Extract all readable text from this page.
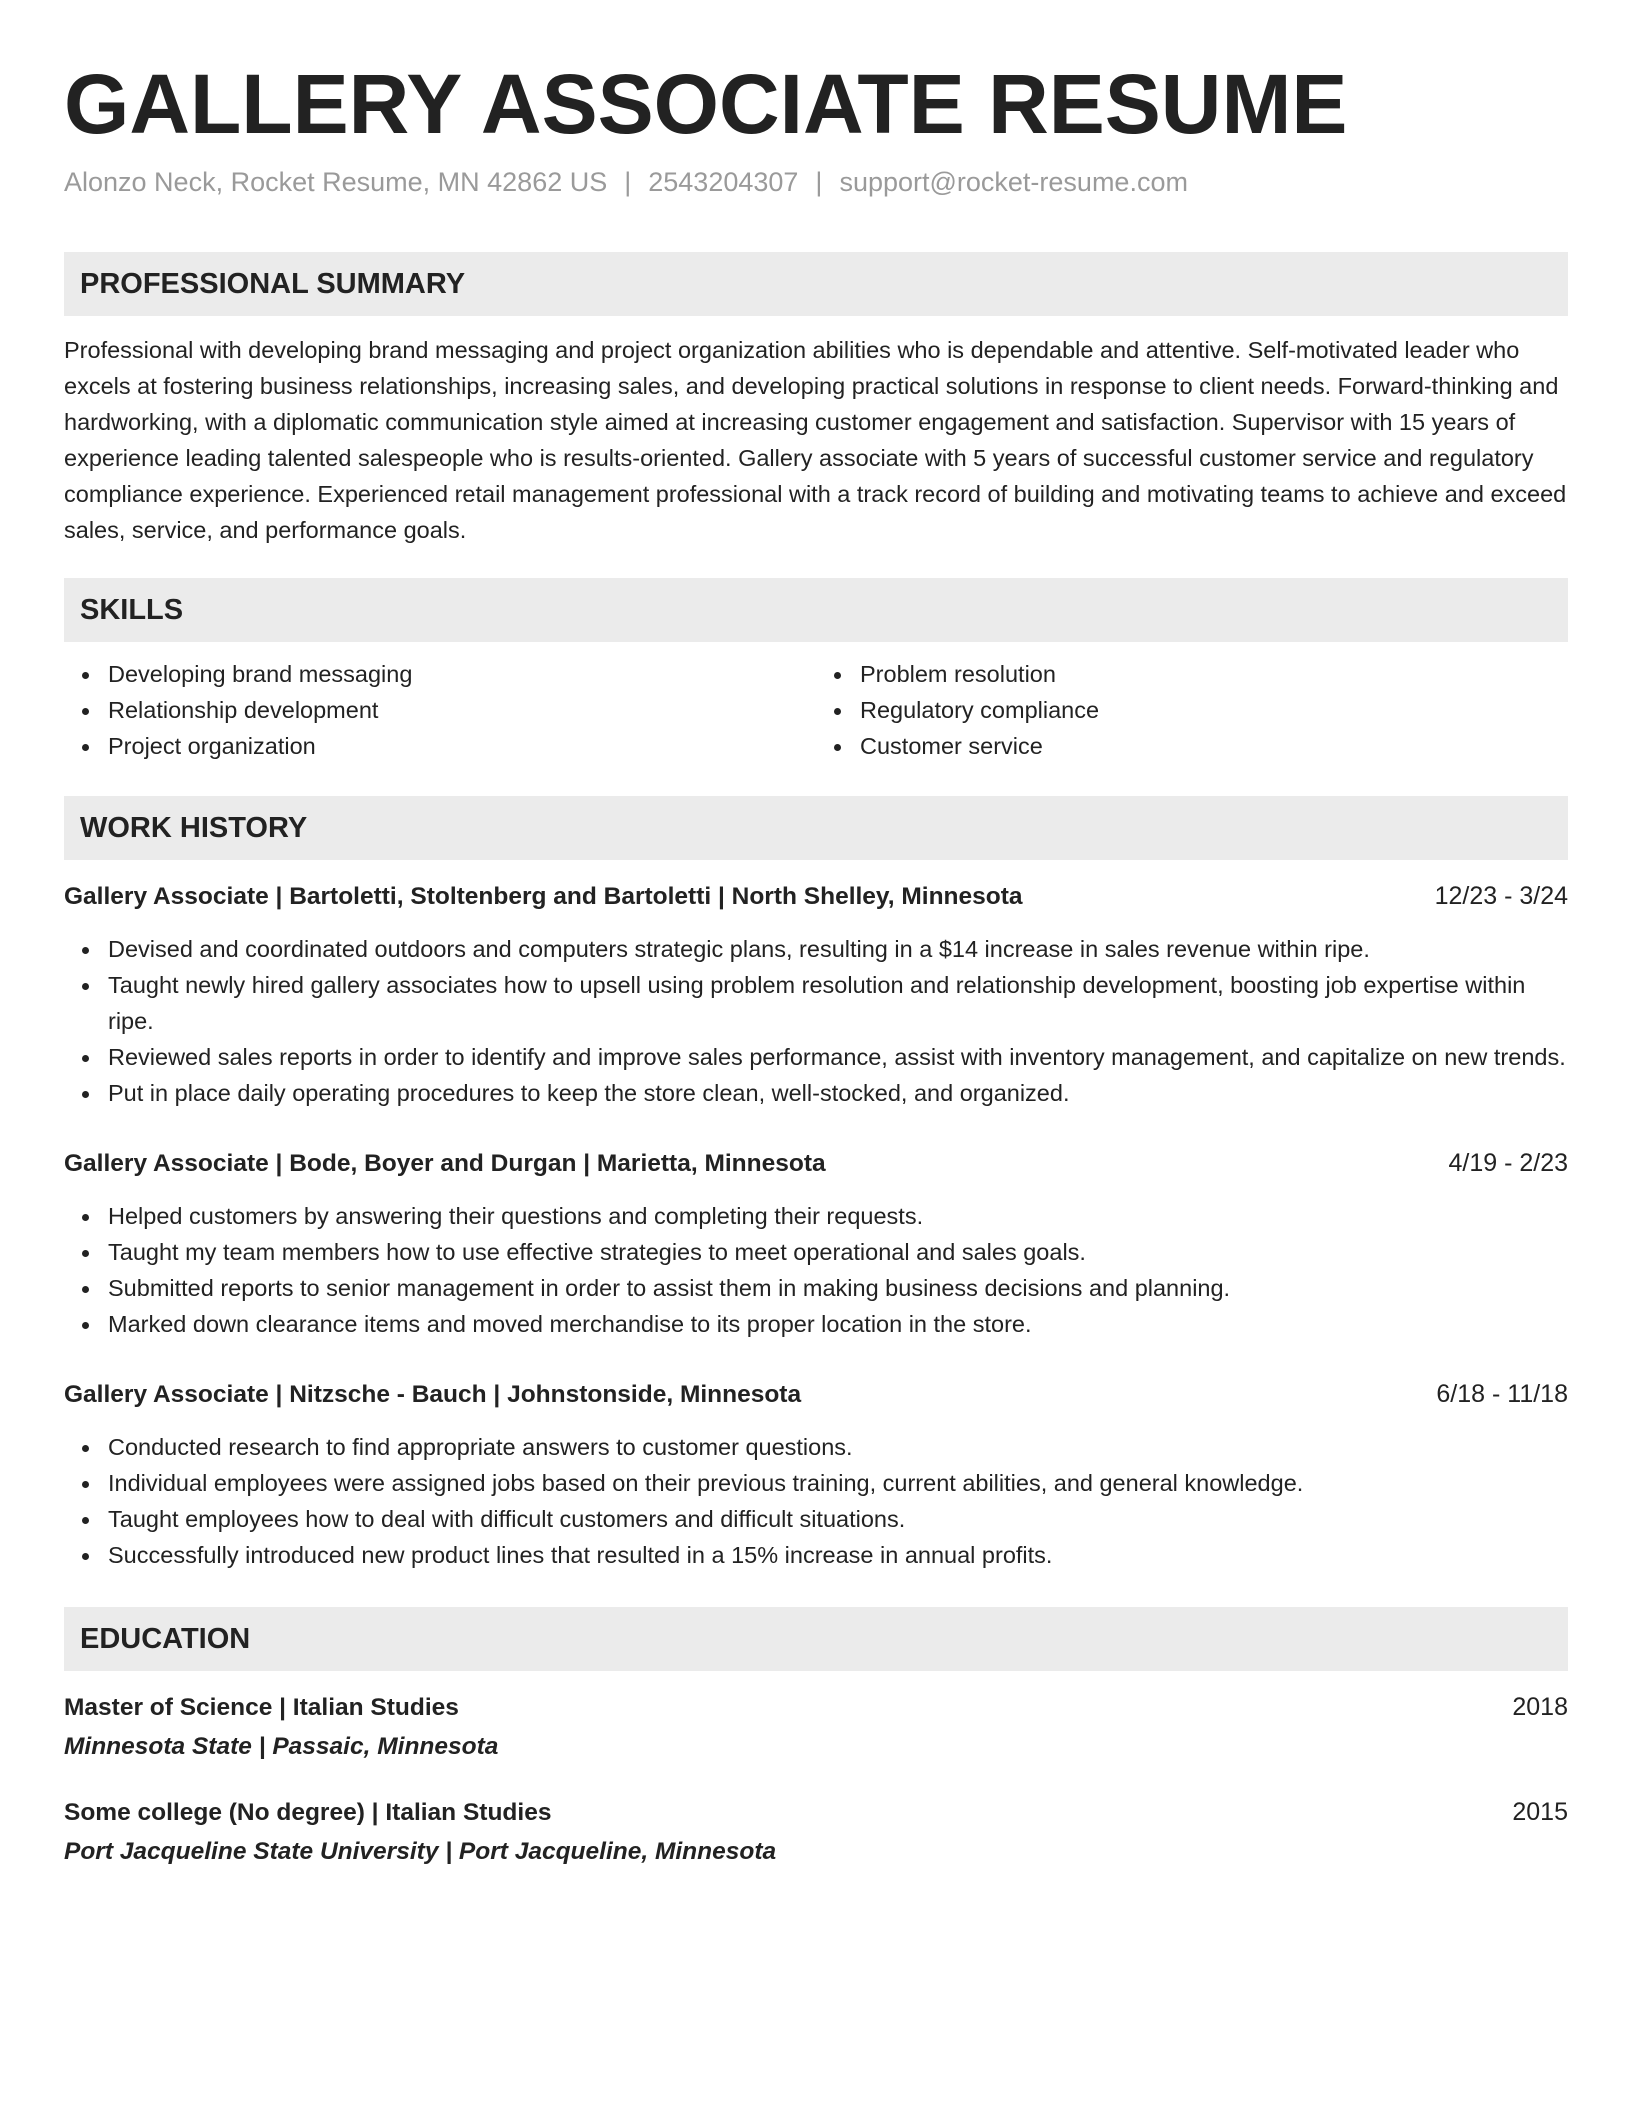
GALLERY ASSOCIATE RESUME
Alonzo Neck, Rocket Resume, MN 42862 US | 2543204307 | support@rocket-resume.com
PROFESSIONAL SUMMARY

Professional with developing brand messaging and project organization abilities who is dependable and attentive. Self-motivated leader who excels at fostering business relationships, increasing sales, and developing practical solutions in response to client needs. Forward-thinking and hardworking, with a diplomatic communication style aimed at increasing customer engagement and satisfaction. Supervisor with 15 years of experience leading talented salespeople who is results-oriented. Gallery associate with 5 years of successful customer service and regulatory compliance experience. Experienced retail management professional with a track record of building and motivating teams to achieve and exceed sales, service, and performance goals.

SKILLS
Developing brand messaging
Relationship development
Project organization
Problem resolution
Regulatory compliance
Customer service
WORK HISTORY
Gallery Associate | Bartoletti, Stoltenberg and Bartoletti | North Shelley, Minnesota	12/23 - 3/24
Devised and coordinated outdoors and computers strategic plans, resulting in a $14 increase in sales revenue within ripe.
Taught newly hired gallery associates how to upsell using problem resolution and relationship development, boosting job expertise within ripe.
Reviewed sales reports in order to identify and improve sales performance, assist with inventory management, and capitalize on new trends.
Put in place daily operating procedures to keep the store clean, well-stocked, and organized.
Gallery Associate | Bode, Boyer and Durgan | Marietta, Minnesota	4/19 - 2/23
Helped customers by answering their questions and completing their requests.
Taught my team members how to use effective strategies to meet operational and sales goals.
Submitted reports to senior management in order to assist them in making business decisions and planning.
Marked down clearance items and moved merchandise to its proper location in the store.
Gallery Associate | Nitzsche - Bauch | Johnstonside, Minnesota	6/18 - 11/18
Conducted research to find appropriate answers to customer questions.
Individual employees were assigned jobs based on their previous training, current abilities, and general knowledge.
Taught employees how to deal with difficult customers and difficult situations.
Successfully introduced new product lines that resulted in a 15% increase in annual profits.
EDUCATION
Master of Science | Italian Studies	2018
Minnesota State | Passaic, Minnesota
Some college (No degree) | Italian Studies	2015
Port Jacqueline State University | Port Jacqueline, Minnesota
